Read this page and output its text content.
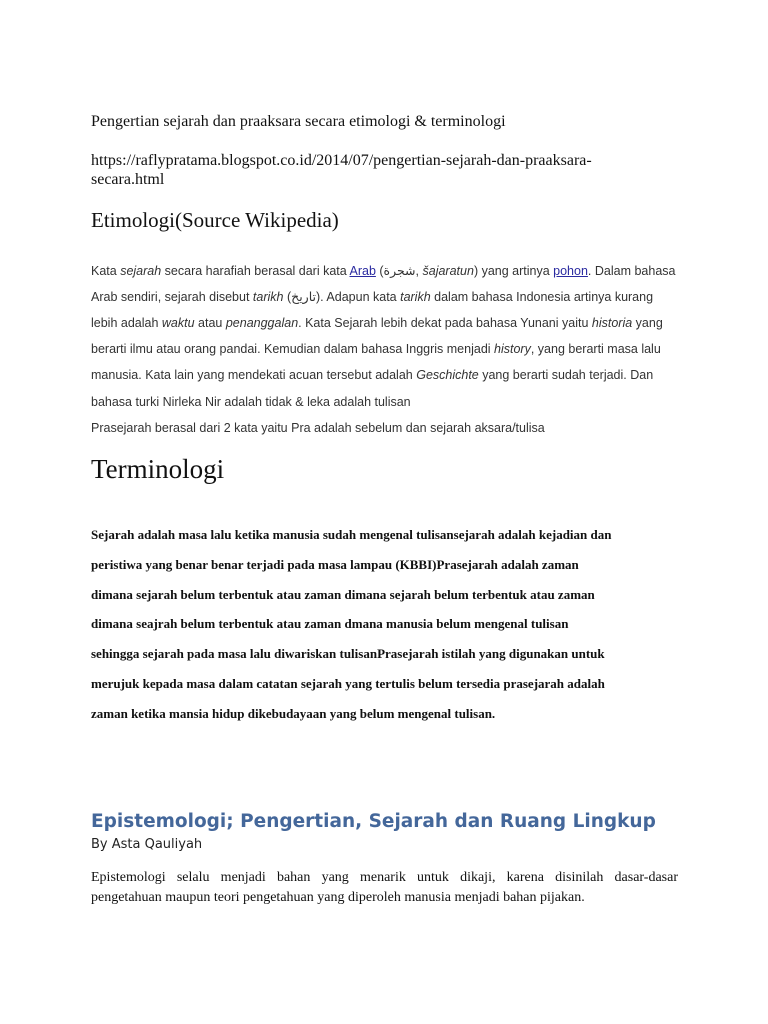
Pengertian sejarah dan praaksara secara etimologi & terminologi
https://raflypratama.blogspot.co.id/2014/07/pengertian-sejarah-dan-praaksara-
secara.html
Etimologi(Source Wikipedia)
Kata sejarah secara harafiah berasal dari kata Arab (شجرة, šajaratun) yang artinya pohon. Dalam bahasa
Arab sendiri, sejarah disebut tarikh (تاريخ). Adapun kata tarikh dalam bahasa Indonesia artinya kurang
lebih adalah waktu atau penanggalan. Kata Sejarah lebih dekat pada bahasa Yunani yaitu historia yang
berarti ilmu atau orang pandai. Kemudian dalam bahasa Inggris menjadi history, yang berarti masa lalu
manusia. Kata lain yang mendekati acuan tersebut adalah Geschichte yang berarti sudah terjadi. Dan
bahasa turki Nirleka Nir adalah tidak & leka adalah tulisan
Prasejarah berasal dari 2 kata yaitu Pra adalah sebelum dan sejarah aksara/tulisa
Terminologi
Sejarah adalah masa lalu ketika manusia sudah mengenal tulisansejarah adalah kejadian dan
peristiwa yang benar benar terjadi pada masa lampau (KBBI)Prasejarah adalah zaman
dimana sejarah belum terbentuk atau zaman dimana sejarah belum terbentuk atau zaman
dimana seajrah belum terbentuk atau zaman dmana manusia belum mengenal tulisan
sehingga sejarah pada masa lalu diwariskan tulisanPrasejarah istilah yang digunakan untuk
merujuk kepada masa dalam catatan sejarah yang tertulis belum tersedia prasejarah adalah
zaman ketika mansia hidup dikebudayaan yang belum mengenal tulisan.
Epistemologi; Pengertian, Sejarah dan Ruang Lingkup
By Asta Qauliyah
Epistemologi selalu menjadi bahan yang menarik untuk dikaji, karena disinilah dasar-dasar
pengetahuan maupun teori pengetahuan yang diperoleh manusia menjadi bahan pijakan.
